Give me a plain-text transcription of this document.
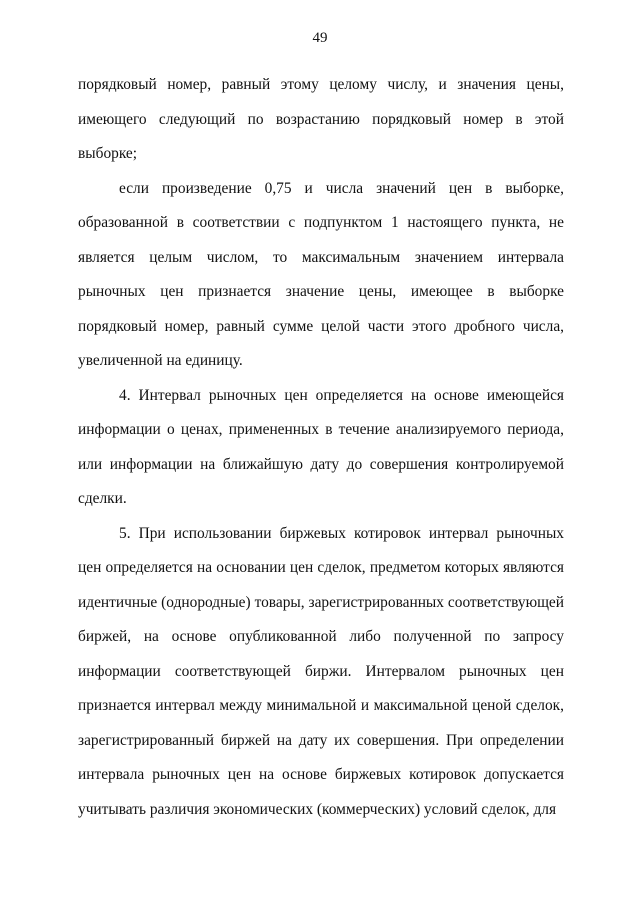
49

порядковый номер, равный этому целому числу, и значения цены, имеющего следующий по возрастанию порядковый номер в этой выборке;

если произведение 0,75 и числа значений цен в выборке, образованной в соответствии с подпунктом 1 настоящего пункта, не является целым числом, то максимальным значением интервала рыночных цен признается значение цены, имеющее в выборке порядковый номер, равный сумме целой части этого дробного числа, увеличенной на единицу.

4. Интервал рыночных цен определяется на основе имеющейся информации о ценах, примененных в течение анализируемого периода, или информации на ближайшую дату до совершения контролируемой сделки.

5. При использовании биржевых котировок интервал рыночных цен определяется на основании цен сделок, предметом которых являются идентичные (однородные) товары, зарегистрированных соответствующей биржей, на основе опубликованной либо полученной по запросу информации соответствующей биржи. Интервалом рыночных цен признается интервал между минимальной и максимальной ценой сделок, зарегистрированный биржей на дату их совершения. При определении интервала рыночных цен на основе биржевых котировок допускается учитывать различия экономических (коммерческих) условий сделок, для
